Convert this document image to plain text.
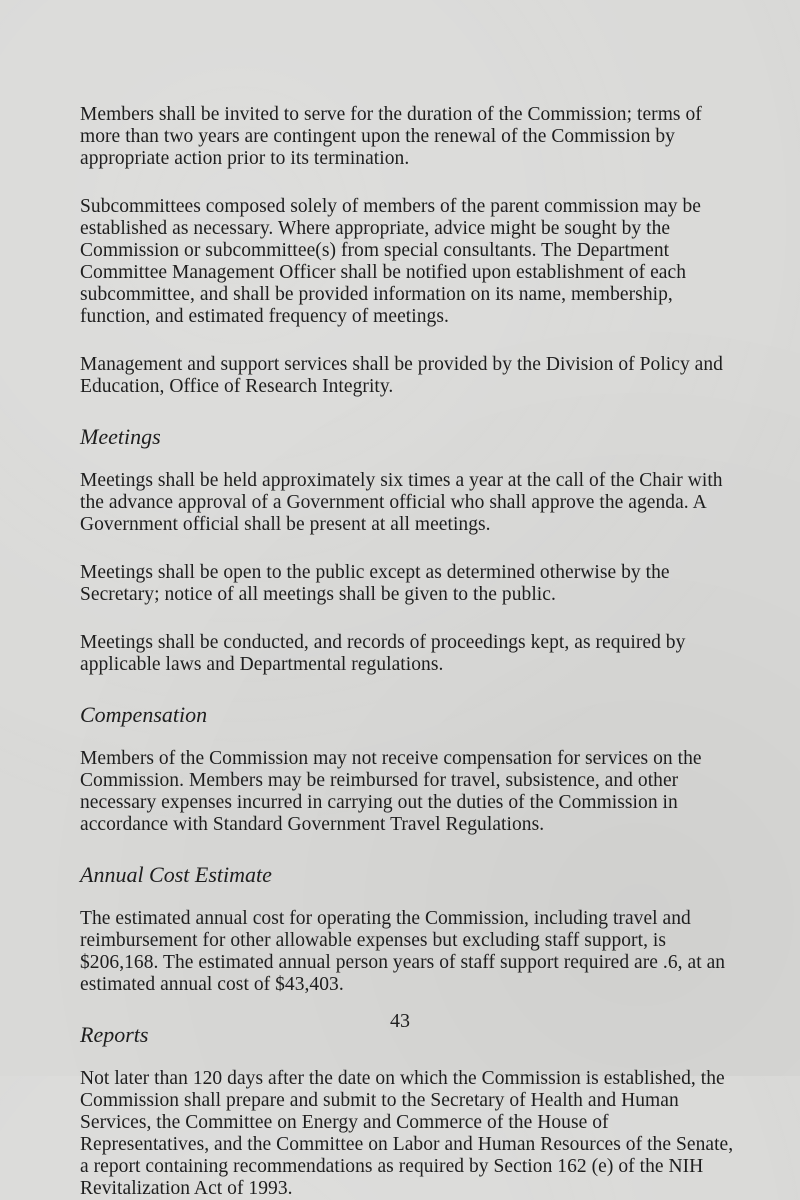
Members shall be invited to serve for the duration of the Commission; terms of more than two years are contingent upon the renewal of the Commission by appropriate action prior to its termination.

Subcommittees composed solely of members of the parent commission may be established as necessary. Where appropriate, advice might be sought by the Commission or subcommittee(s) from special consultants. The Department Committee Management Officer shall be notified upon establishment of each subcommittee, and shall be provided information on its name, membership, function, and estimated frequency of meetings.

Management and support services shall be provided by the Division of Policy and Education, Office of Research Integrity.

Meetings

Meetings shall be held approximately six times a year at the call of the Chair with the advance approval of a Government official who shall approve the agenda. A Government official shall be present at all meetings.

Meetings shall be open to the public except as determined otherwise by the Secretary; notice of all meetings shall be given to the public.

Meetings shall be conducted, and records of proceedings kept, as required by applicable laws and Departmental regulations.

Compensation

Members of the Commission may not receive compensation for services on the Commission. Members may be reimbursed for travel, subsistence, and other necessary expenses incurred in carrying out the duties of the Commission in accordance with Standard Government Travel Regulations.

Annual Cost Estimate

The estimated annual cost for operating the Commission, including travel and reimbursement for other allowable expenses but excluding staff support, is $206,168. The estimated annual person years of staff support required are .6, at an estimated annual cost of $43,403.

Reports

Not later than 120 days after the date on which the Commission is established, the Commission shall prepare and submit to the Secretary of Health and Human Services, the Committee on Energy and Commerce of the House of Representatives, and the Committee on Labor and Human Resources of the Senate, a report containing recommendations as required by Section 162 (e) of the NIH Revitalization Act of 1993.

43
